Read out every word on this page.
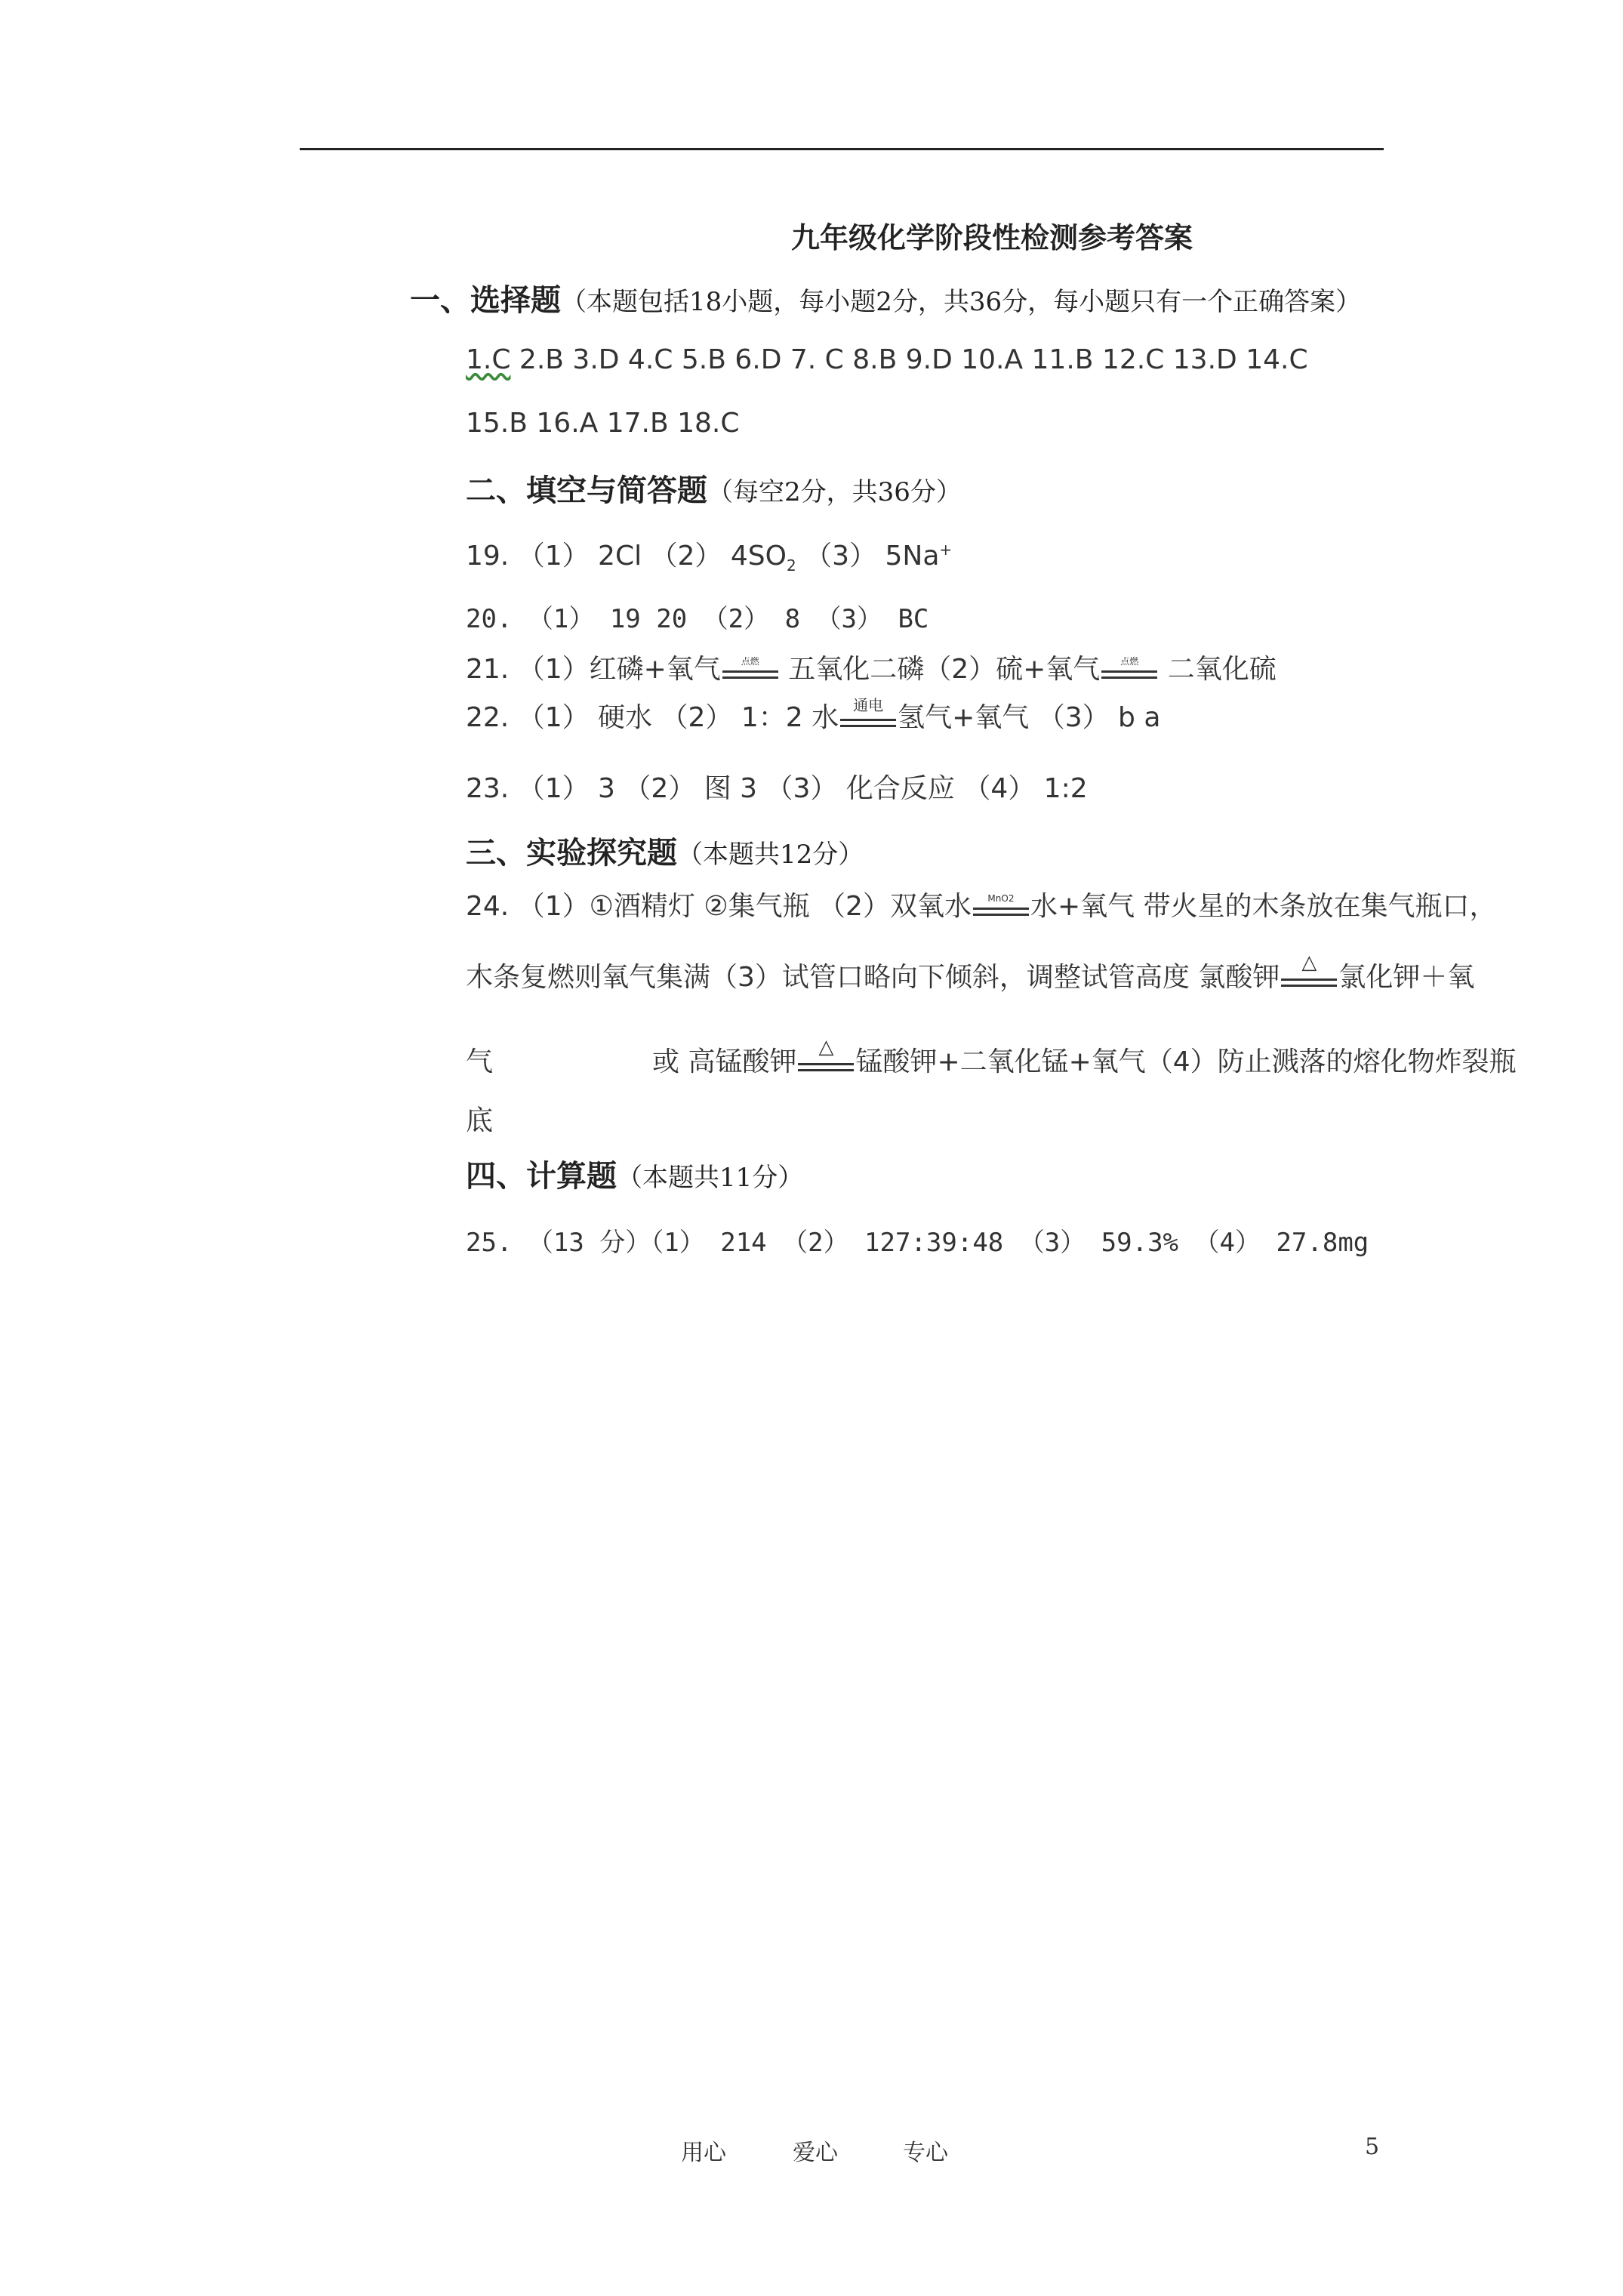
九年级化学阶段性检测参考答案
一、选择题（本题包括18小题，每小题2分，共36分，每小题只有一个正确答案）
1.C 2.B 3.D 4.C 5.B 6.D 7. C 8.B 9.D 10.A 11.B 12.C 13.D 14.C
15.B 16.A 17.B 18.C
二、填空与简答题（每空2分，共36分）
19. （1） 2Cl （2） $4SO_2$ （3） 5Na+
20. （1） 19 20 （2） 8 （3） BC
21. （1）红磷+氧气	点燃 五氧化二磷（2）硫+氧气	点燃 二氧化硫
22. （1） 硬水 （2） 1：2 水 通电 氢气+氧气 （3） b a
23. （1） 3 （2） 图 3 （3） 化合反应 （4） 1:2
三、实验探究题（本题共12分）
24. （1）①酒精灯 ②集气瓶 （2）双氧水	MnO2 水+氧气 带火星的木条放在集气瓶口，
木条复燃则氧气集满（3）试管口略向下倾斜，调整试管高度 氯酸钾 △ 氯化钾＋氧
气	或 高锰酸钾 △ 锰酸钾+二氧化锰+氧气（4）防止溅落的熔化物炸裂瓶
底
四、计算题（本题共11分）
25. （13 分）（1） 214 （2） 127:39:48 （3） 59.3% （4） 27.8mg
用心	爱心	专心	5
